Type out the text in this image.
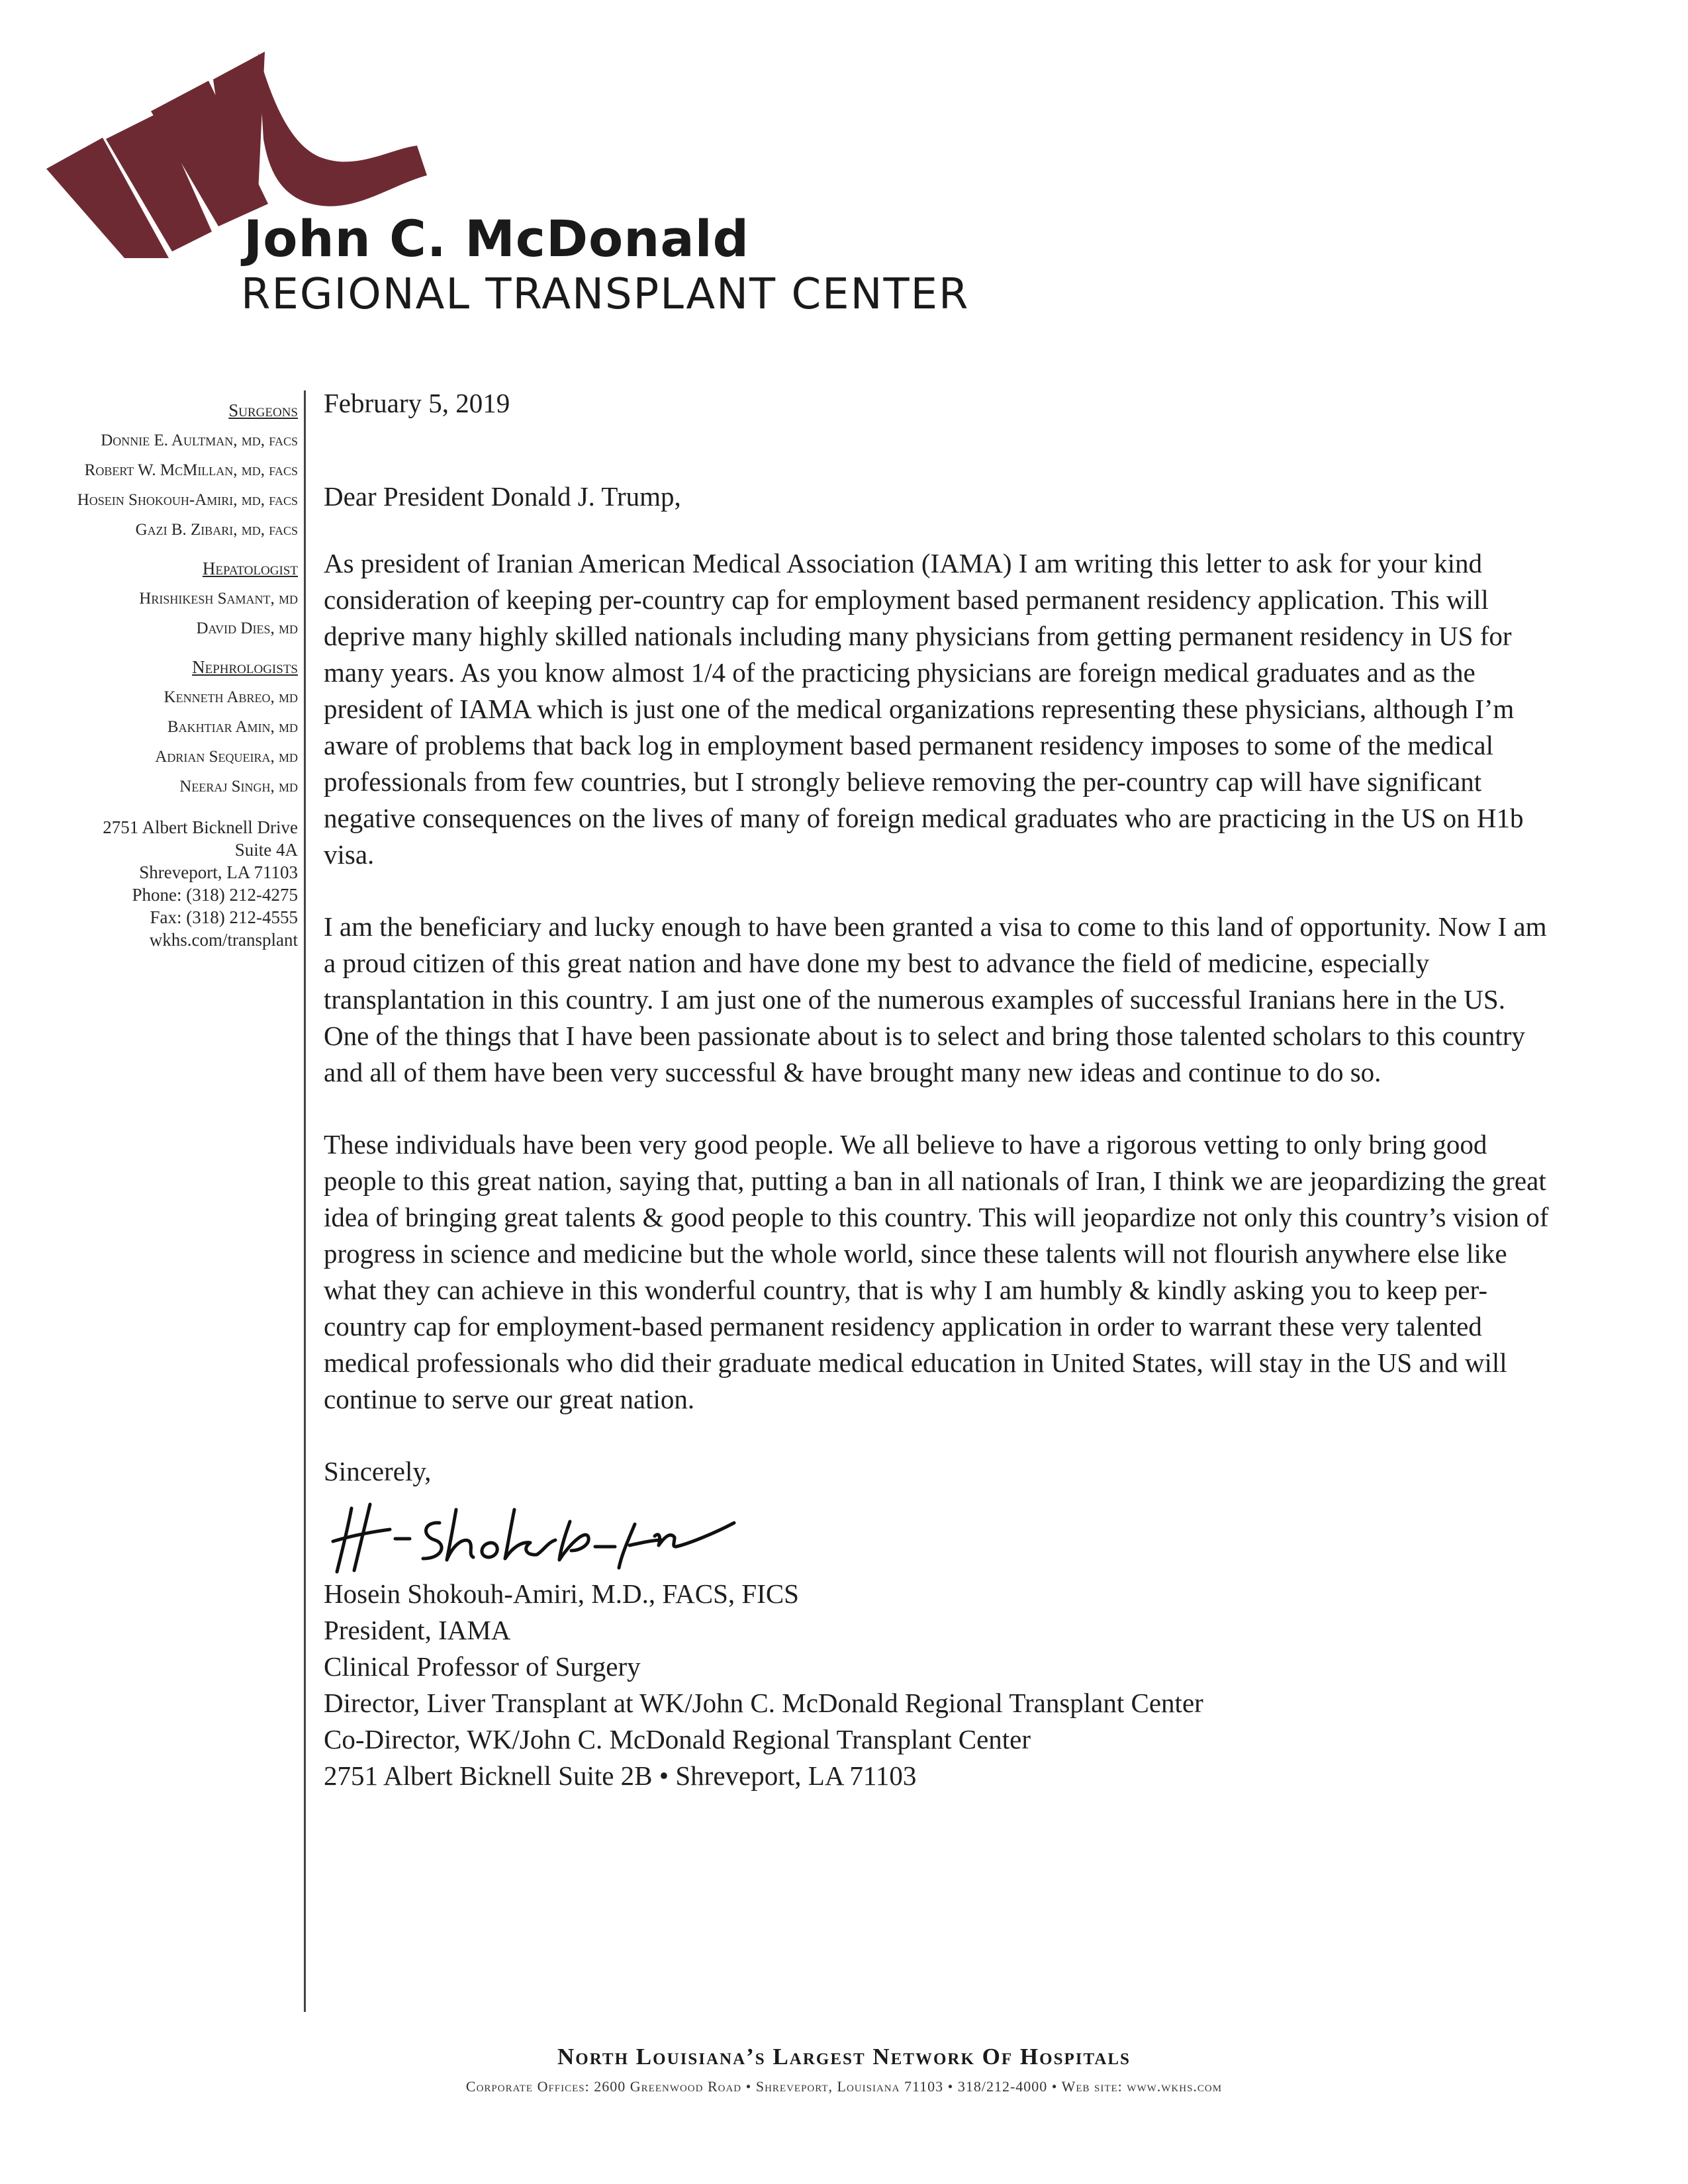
John C. McDonald
REGIONAL TRANSPLANT CENTER
Surgeons
Donnie E. Aultman, md, facs
Robert W. McMillan, md, facs
Hosein Shokouh-Amiri, md, facs
Gazi B. Zibari, md, facs
Hepatologist
Hrishikesh Samant, md
David Dies, md
Nephrologists
Kenneth Abreo, md
Bakhtiar Amin, md
Adrian Sequeira, md
Neeraj Singh, md
2751 Albert Bicknell Drive
Suite 4A
Shreveport, LA 71103
Phone: (318) 212-4275
Fax: (318) 212-4555
wkhs.com/transplant

February 5, 2019

Dear President Donald J. Trump,

As president of Iranian American Medical Association (IAMA) I am writing this letter to ask for your kind consideration of keeping per-country cap for employment based permanent residency application. This will deprive many highly skilled nationals including many physicians from getting permanent residency in US for many years. As you know almost 1/4 of the practicing physicians are foreign medical graduates and as the president of IAMA which is just one of the medical organizations representing these physicians, although I’m aware of problems that back log in employment based permanent residency imposes to some of the medical professionals from few countries, but I strongly believe removing the per-country cap will have significant negative consequences on the lives of many of foreign medical graduates who are practicing in the US on H1b visa.

I am the beneficiary and lucky enough to have been granted a visa to come to this land of opportunity. Now I am a proud citizen of this great nation and have done my best to advance the field of medicine, especially transplantation in this country. I am just one of the numerous examples of successful Iranians here in the US. One of the things that I have been passionate about is to select and bring those talented scholars to this country and all of them have been very successful & have brought many new ideas and continue to do so.

These individuals have been very good people. We all believe to have a rigorous vetting to only bring good people to this great nation, saying that, putting a ban in all nationals of Iran, I think we are jeopardizing the great idea of bringing great talents & good people to this country. This will jeopardize not only this country’s vision of progress in science and medicine but the whole world, since these talents will not flourish anywhere else like what they can achieve in this wonderful country, that is why I am humbly & kindly asking you to keep per-country cap for employment-based permanent residency application in order to warrant these very talented medical professionals who did their graduate medical education in United States, will stay in the US and will continue to serve our great nation.

Sincerely,

Hosein Shokouh-Amiri, M.D., FACS, FICS

President, IAMA

Clinical Professor of Surgery

Director, Liver Transplant at WK/John C. McDonald Regional Transplant Center

Co-Director, WK/John C. McDonald Regional Transplant Center

2751 Albert Bicknell Suite 2B • Shreveport, LA 71103

North Louisiana’s Largest Network Of Hospitals
Corporate Offices: 2600 Greenwood Road • Shreveport, Louisiana 71103 • 318/212-4000 • Web site: www.wkhs.com
